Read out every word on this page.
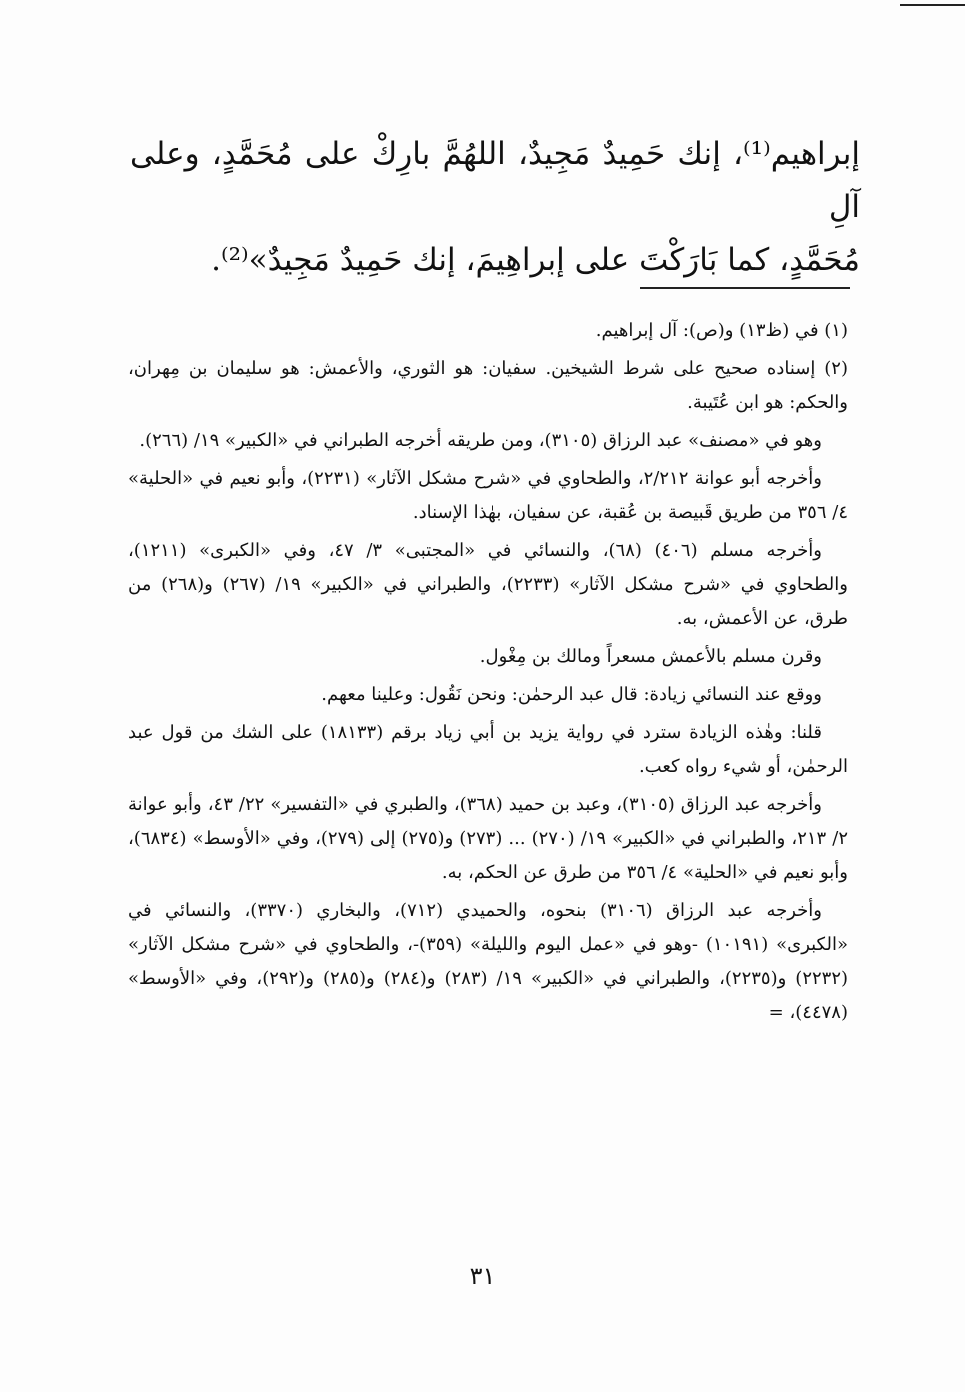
إبراهيم⁽¹⁾، إنك حَمِيدٌ مَجِيدٌ، اللهُمَّ بارِكْ على مُحَمَّدٍ، وعلى آلِ

مُحَمَّدٍ، كما بَارَكْتَ على إبراهِيمَ، إنك حَمِيدٌ مَجِيدٌ»⁽²⁾.

(١) في (ظ١٣) و(ص): آل إبراهيم.

(٢) إسناده صحيح على شرط الشيخين. سفيان: هو الثوري، والأعمش: هو سليمان بن مِهران، والحكم: هو ابن عُتَيبة.

وهو في «مصنف» عبد الرزاق (٣١٠٥)، ومن طريقه أخرجه الطبراني في «الكبير» ١٩/ (٢٦٦).

وأخرجه أبو عوانة ٢/٢١٢، والطحاوي في «شرح مشكل الآثار» (٢٢٣١)، وأبو نعيم في «الحلية» ٤/ ٣٥٦ من طريق قَبيصة بن عُقبة، عن سفيان، بهٰذا الإسناد.

وأخرجه مسلم (٤٠٦) (٦٨)، والنسائي في «المجتبى» ٣/ ٤٧، وفي «الكبرى» (١٢١١)، والطحاوي في «شرح مشكل الآثار» (٢٢٣٣)، والطبراني في «الكبير» ١٩/ (٢٦٧) و(٢٦٨) من طرق، عن الأعمش، به.

وقرن مسلم بالأعمش مسعراً ومالك بن مِغْول.

ووقع عند النسائي زيادة: قال عبد الرحمٰن: ونحن نَقُول: وعلينا معهم.

قلنا: وهٰذه الزيادة سترد في رواية يزيد بن أبي زياد برقم (١٨١٣٣) على الشك من قول عبد الرحمٰن، أو شيء رواه كعب.

وأخرجه عبد الرزاق (٣١٠٥)، وعبد بن حميد (٣٦٨)، والطبري في «التفسير» ٢٢/ ٤٣، وأبو عوانة ٢/ ٢١٣، والطبراني في «الكبير» ١٩/ (٢٧٠) ... (٢٧٣) و(٢٧٥) إلى (٢٧٩)، وفي «الأوسط» (٦٨٣٤)، وأبو نعيم في «الحلية» ٤/ ٣٥٦ من طرق عن الحكم، به.

وأخرجه عبد الرزاق (٣١٠٦) بنحوه، والحميدي (٧١٢)، والبخاري (٣٣٧٠)، والنسائي في «الكبرى» (١٠١٩١) -وهو في «عمل اليوم والليلة» (٣٥٩)-، والطحاوي في «شرح مشكل الآثار» (٢٢٣٢) و(٢٢٣٥)، والطبراني في «الكبير» ١٩/ (٢٨٣) و(٢٨٤) و(٢٨٥) و(٢٩٢)، وفي «الأوسط» (٤٤٧٨)، =

٣١
